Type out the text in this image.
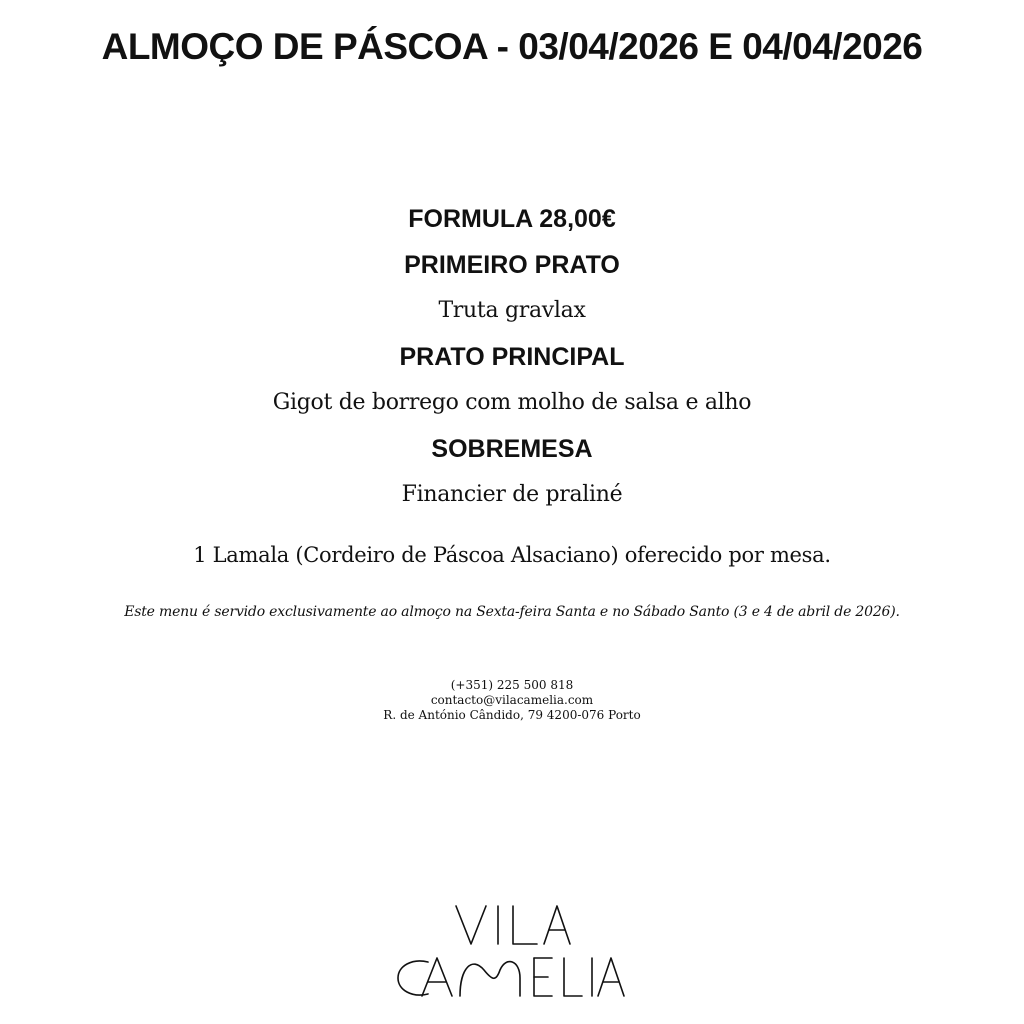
ALMOÇO DE PÁSCOA - 03/04/2026 E 04/04/2026
FORMULA 28,00€
PRIMEIRO PRATO
Truta gravlax
PRATO PRINCIPAL
Gigot de borrego com molho de salsa e alho
SOBREMESA
Financier de praliné
1 Lamala (Cordeiro de Páscoa Alsaciano) oferecido por mesa.
Este menu é servido exclusivamente ao almoço na Sexta-feira Santa e no Sábado Santo (3 e 4 de abril de 2026).
(+351) 225 500 818
contacto@vilacamelia.com
R. de António Cândido, 79 4200-076 Porto
